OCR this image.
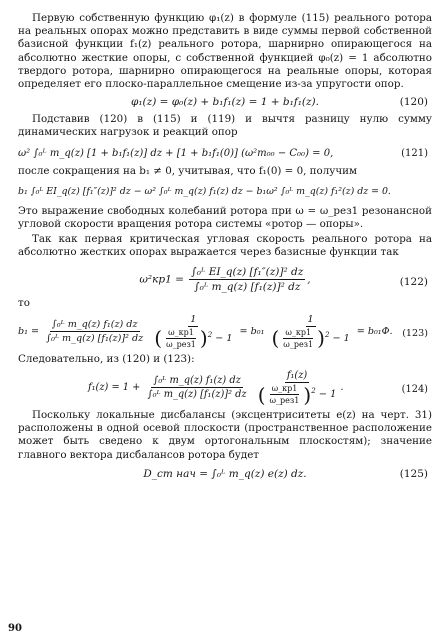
Первую собственную функцию φ₁(z) в формуле (115) реального ротора на реальных опорах можно представить в виде суммы первой собственной базисной функции f₁(z) реального ротора, шарнирно опирающегося на абсолютно жесткие опоры, с собственной функцией φ₀(z) = 1 абсолютно твердого ротора, шарнирно опирающегося на реальные опоры, которая определяет его плоско-параллельное смещение из-за упругости опор.

φ₁(z) = φ₀(z) + b₁f₁(z) = 1 + b₁f₁(z).	(120)

Подставив (120) в (115) и (119) и вычтя разницу нулю сумму динамических нагрузок и реакций опор

ω² ∫₀ᴸ m_q(z) [1 + b₁f₁(z)] dz + [1 + b₁f₁(0)] (ω²m₀₀ − C₀₀) = 0,	(121)

после сокращения на b₁ ≠ 0, учитывая, что f₁(0) = 0, получим

b₁ ∫₀ᴸ EI_q(z) [f₁″(z)]² dz − ω² ∫₀ᴸ m_q(z) f₁(z) dz − b₁ω² ∫₀ᴸ m_q(z) f₁²(z) dz = 0.

Это выражение свободных колебаний ротора при ω = ω_рез1 резонансной угловой скорости вращения ротора системы «ротор — опоры».

Так как первая критическая угловая скорость реального ротора на абсолютно жестких опорах выражается через базисные функции так

$\omega^2кр1 = \frac{\text{∫₀ᴸ EI\_q(z) [f₁″(z)]² dz}}{\text{∫₀ᴸ m\_q(z) [f₁(z)]² dz}}$ ,	(122)

то

$b_1 = \frac{\text{∫₀ᴸ m\_q(z) f₁(z) dz}}{\text{∫₀ᴸ m\_q(z) [f₁(z)]² dz}}$
	1
( $\frac{\omega\_кр1}{\text{ω\_рез1}}$ ) $^2$ − 1
= b₀₁
1
( $\frac{\omega\_кр1}{\text{ω\_рез1}}$ ) $^2$ − 1
= b₀₁Φ. (123)

Следовательно, из (120) и (123):

$f_1(z) = 1 + \frac{\text{∫₀ᴸ m\_q(z) f₁(z) dz}}{\text{∫₀ᴸ m\_q(z) [f₁(z)]² dz}}$
	f₁(z)
( $\frac{\omega\_кр1}{\text{ω\_рез1}}$ ) $^2$ − 1
.	(124)

Поскольку локальные дисбалансы (эксцентриситеты e(z) на черт. 31) расположены в одной осевой плоскости (пространственное расположение может быть сведено к двум ортогональным плоскостям); значение главного вектора дисбалансов ротора будет

D_ст нач = ∫₀ᴸ m_q(z) e(z) dz.	(125)
90
